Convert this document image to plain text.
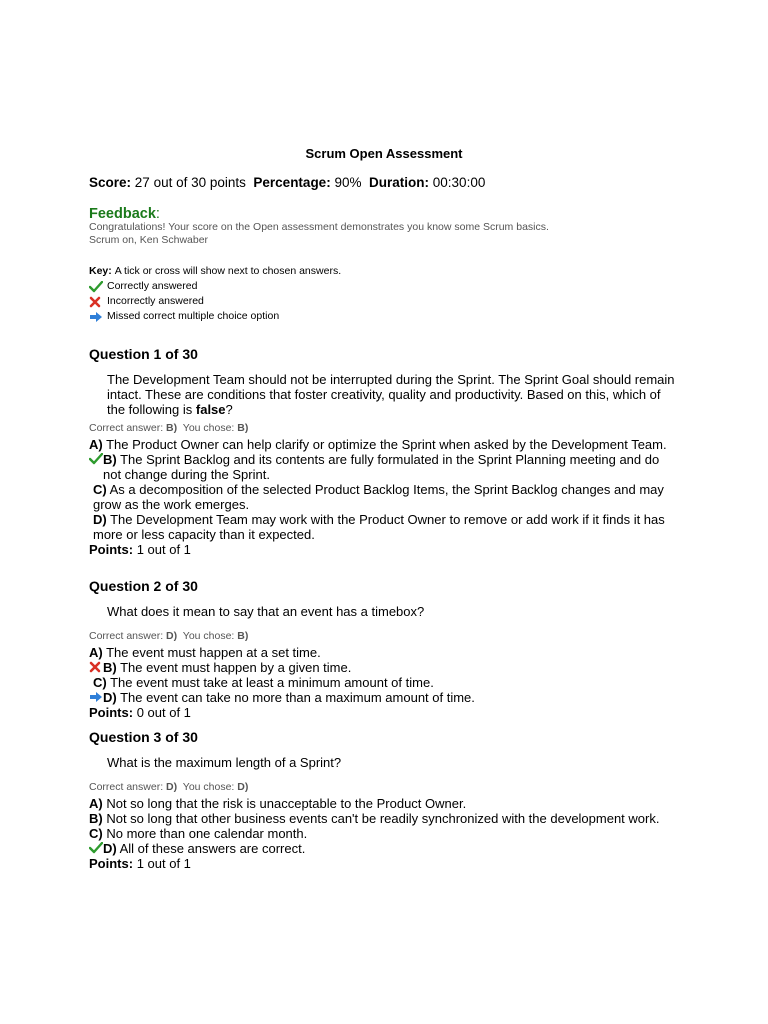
Scrum Open Assessment
Score: 27 out of 30 points Percentage: 90% Duration: 00:30:00
Feedback:
Congratulations! Your score on the Open assessment demonstrates you know some Scrum basics.
Scrum on, Ken Schwaber
Key:
A tick or cross will show next to chosen answers.
Correctly answered
Incorrectly answered
Missed correct multiple choice option
Question 1 of 30
The Development Team should not be interrupted during the Sprint. The Sprint Goal should remain intact. These are conditions that foster creativity, quality and productivity. Based on this, which of the following is false?
Correct answer: B) You chose: B)
A) The Product Owner can help clarify or optimize the Sprint when asked by the Development Team.
B) The Sprint Backlog and its contents are fully formulated in the Sprint Planning meeting and do not change during the Sprint.
C) As a decomposition of the selected Product Backlog Items, the Sprint Backlog changes and may grow as the work emerges.
D) The Development Team may work with the Product Owner to remove or add work if it finds it has more or less capacity than it expected.
Points: 1 out of 1
Question 2 of 30
What does it mean to say that an event has a timebox?
Correct answer: D) You chose: B)
A) The event must happen at a set time.
B) The event must happen by a given time.
C) The event must take at least a minimum amount of time.
D) The event can take no more than a maximum amount of time.
Points: 0 out of 1
Question 3 of 30
What is the maximum length of a Sprint?
Correct answer: D) You chose: D)
A) Not so long that the risk is unacceptable to the Product Owner.
B) Not so long that other business events can't be readily synchronized with the development work.
C) No more than one calendar month.
D) All of these answers are correct.
Points: 1 out of 1
